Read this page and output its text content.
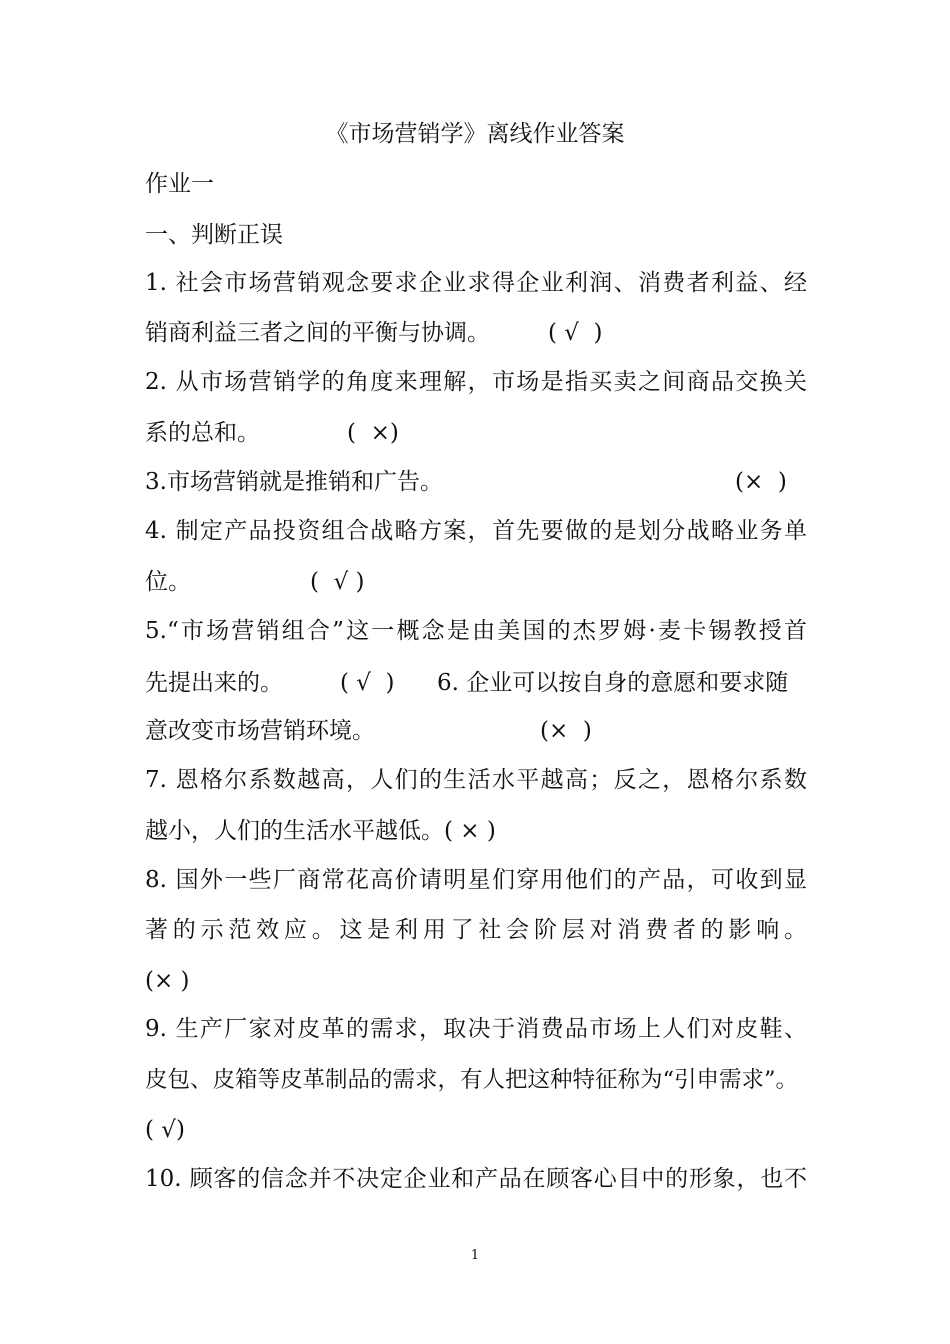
《市场营销学》离线作业答案
作业一
一、判断正误
1. 社会市场营销观念要求企业求得企业利润、消费者利益、经
销商利益三者之间的平衡与协调。	( √  )
2. 从市场营销学的角度来理解，市场是指买卖之间商品交换关
系的总和。	(  ×)
3.市场营销就是推销和广告。	(×  )
4. 制定产品投资组合战略方案，首先要做的是划分战略业务单
位。	(  √ )
5.“市场营销组合”这一概念是由美国的杰罗姆·麦卡锡教授首
先提出来的。	( √  ) 6. 企业可以按自身的意愿和要求随
意改变市场营销环境。	(×  )
7. 恩格尔系数越高，人们的生活水平越高；反之，恩格尔系数
越小，人们的生活水平越低。( × )
8. 国外一些厂商常花高价请明星们穿用他们的产品，可收到显
著的示范效应。这是利用了社会阶层对消费者的影响。
(× )
9. 生产厂家对皮革的需求，取决于消费品市场上人们对皮鞋、
皮包、皮箱等皮革制品的需求，有人把这种特征称为“引申需求”。
( √)
10. 顾客的信念并不决定企业和产品在顾客心目中的形象，也不
1
